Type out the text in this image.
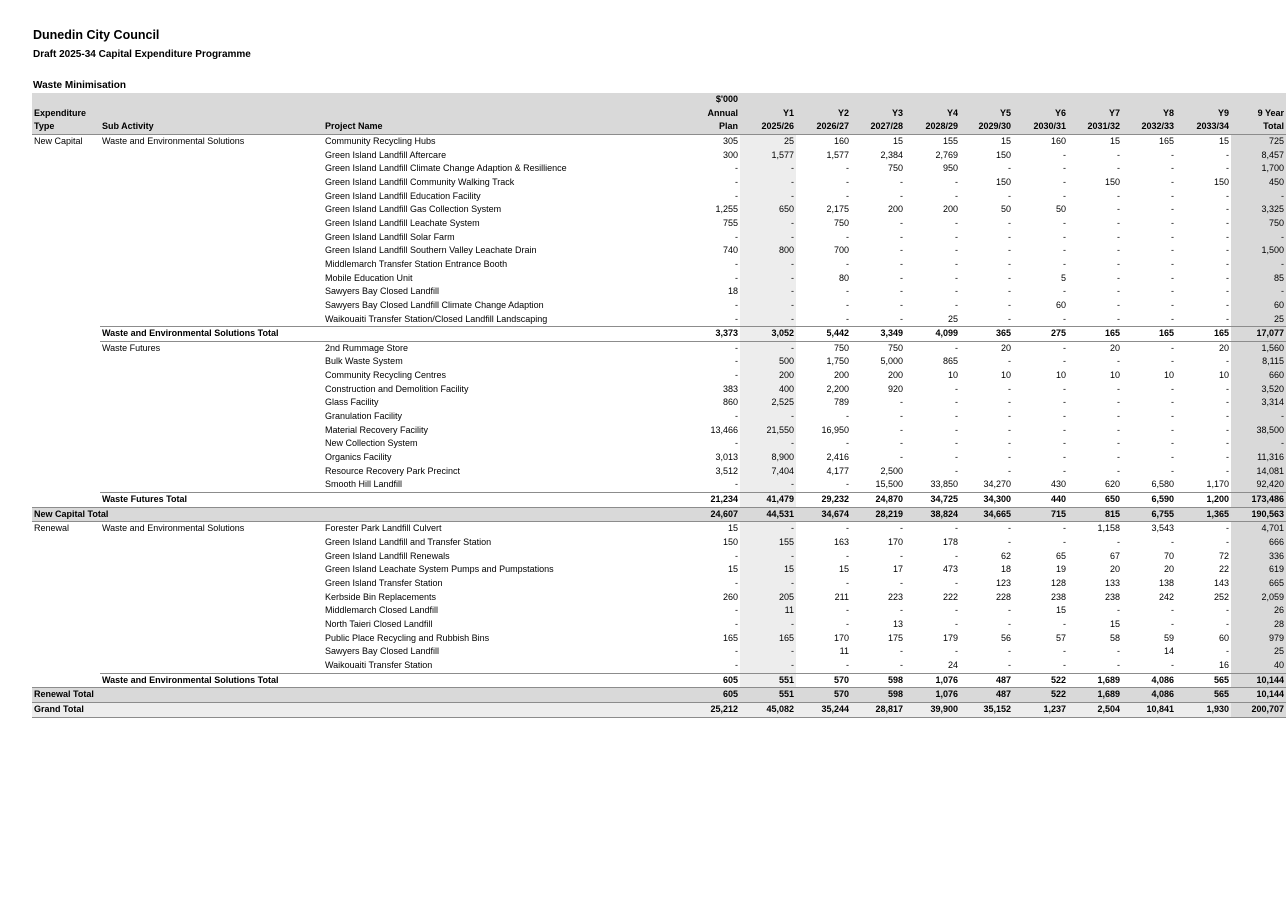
Dunedin City Council
Draft 2025-34 Capital Expenditure Programme
Waste Minimisation
			$'000										
Expenditure			Annual	Y1	Y2	Y3	Y4	Y5	Y6	Y7	Y8	Y9	9 Year
Type	Sub Activity	Project Name	Plan	2025/26	2026/27	2027/28	2028/29	2029/30	2030/31	2031/32	2032/33	2033/34	Total
New Capital	Waste and Environmental Solutions	Community Recycling Hubs	305	25	160	15	155	15	160	15	165	15	725
		Green Island Landfill Aftercare	300	1,577	1,577	2,384	2,769	150	-	-	-	-	8,457
		Green Island Landfill Climate Change Adaption & Resillience	-	-	-	750	950	-	-	-	-	-	1,700
		Green Island Landfill Community Walking Track	-	-	-	-	-	150	-	150	-	150	450
		Green Island Landfill Education Facility	-	-	-	-	-	-	-	-	-	-	-
		Green Island Landfill Gas Collection System	1,255	650	2,175	200	200	50	50	-	-	-	3,325
		Green Island Landfill Leachate System	755	-	750	-	-	-	-	-	-	-	750
		Green Island Landfill Solar Farm	-	-	-	-	-	-	-	-	-	-	-
		Green Island Landfill Southern Valley Leachate Drain	740	800	700	-	-	-	-	-	-	-	1,500
		Middlemarch Transfer Station Entrance Booth	-	-	-	-	-	-	-	-	-	-	-
		Mobile Education Unit	-	-	80	-	-	-	5	-	-	-	85
		Sawyers Bay Closed Landfill	18	-	-	-	-	-	-	-	-	-	-
		Sawyers Bay Closed Landfill Climate Change Adaption	-	-	-	-	-	-	60	-	-	-	60
		Waikouaiti Transfer Station/Closed Landfill Landscaping	-	-	-	-	25	-	-	-	-	-	25
	Waste and Environmental Solutions Total		3,373	3,052	5,442	3,349	4,099	365	275	165	165	165	17,077
	Waste Futures	2nd Rummage Store	-	-	750	750	-	20	-	20	-	20	1,560
		Bulk Waste System	-	500	1,750	5,000	865	-	-	-	-	-	8,115
		Community Recycling Centres	-	200	200	200	10	10	10	10	10	10	660
		Construction and Demolition Facility	383	400	2,200	920	-	-	-	-	-	-	3,520
		Glass Facility	860	2,525	789	-	-	-	-	-	-	-	3,314
		Granulation Facility	-	-	-	-	-	-	-	-	-	-	-
		Material Recovery Facility	13,466	21,550	16,950	-	-	-	-	-	-	-	38,500
		New Collection System	-	-	-	-	-	-	-	-	-	-	-
		Organics Facility	3,013	8,900	2,416	-	-	-	-	-	-	-	11,316
		Resource Recovery Park Precinct	3,512	7,404	4,177	2,500	-	-	-	-	-	-	14,081
		Smooth Hill Landfill	-	-	-	15,500	33,850	34,270	430	620	6,580	1,170	92,420
	Waste Futures Total		21,234	41,479	29,232	24,870	34,725	34,300	440	650	6,590	1,200	173,486
New Capital Total			24,607	44,531	34,674	28,219	38,824	34,665	715	815	6,755	1,365	190,563
Renewal	Waste and Environmental Solutions	Forester Park Landfill Culvert	15	-	-	-	-	-	-	1,158	3,543	-	4,701
		Green Island Landfill and Transfer Station	150	155	163	170	178	-	-	-	-	-	666
		Green Island Landfill Renewals	-	-	-	-	-	62	65	67	70	72	336
		Green Island Leachate System Pumps and Pumpstations	15	15	15	17	473	18	19	20	20	22	619
		Green Island Transfer Station	-	-	-	-	-	123	128	133	138	143	665
		Kerbside Bin Replacements	260	205	211	223	222	228	238	238	242	252	2,059
		Middlemarch Closed Landfill	-	11	-	-	-	-	15	-	-	-	26
		North Taieri Closed Landfill	-	-	-	13	-	-	-	15	-	-	28
		Public Place Recycling and Rubbish Bins	165	165	170	175	179	56	57	58	59	60	979
		Sawyers Bay Closed Landfill	-	-	11	-	-	-	-	-	14	-	25
		Waikouaiti Transfer Station	-	-	-	-	24	-	-	-	-	16	40
	Waste and Environmental Solutions Total		605	551	570	598	1,076	487	522	1,689	4,086	565	10,144
Renewal Total			605	551	570	598	1,076	487	522	1,689	4,086	565	10,144
Grand Total			25,212	45,082	35,244	28,817	39,900	35,152	1,237	2,504	10,841	1,930	200,707
